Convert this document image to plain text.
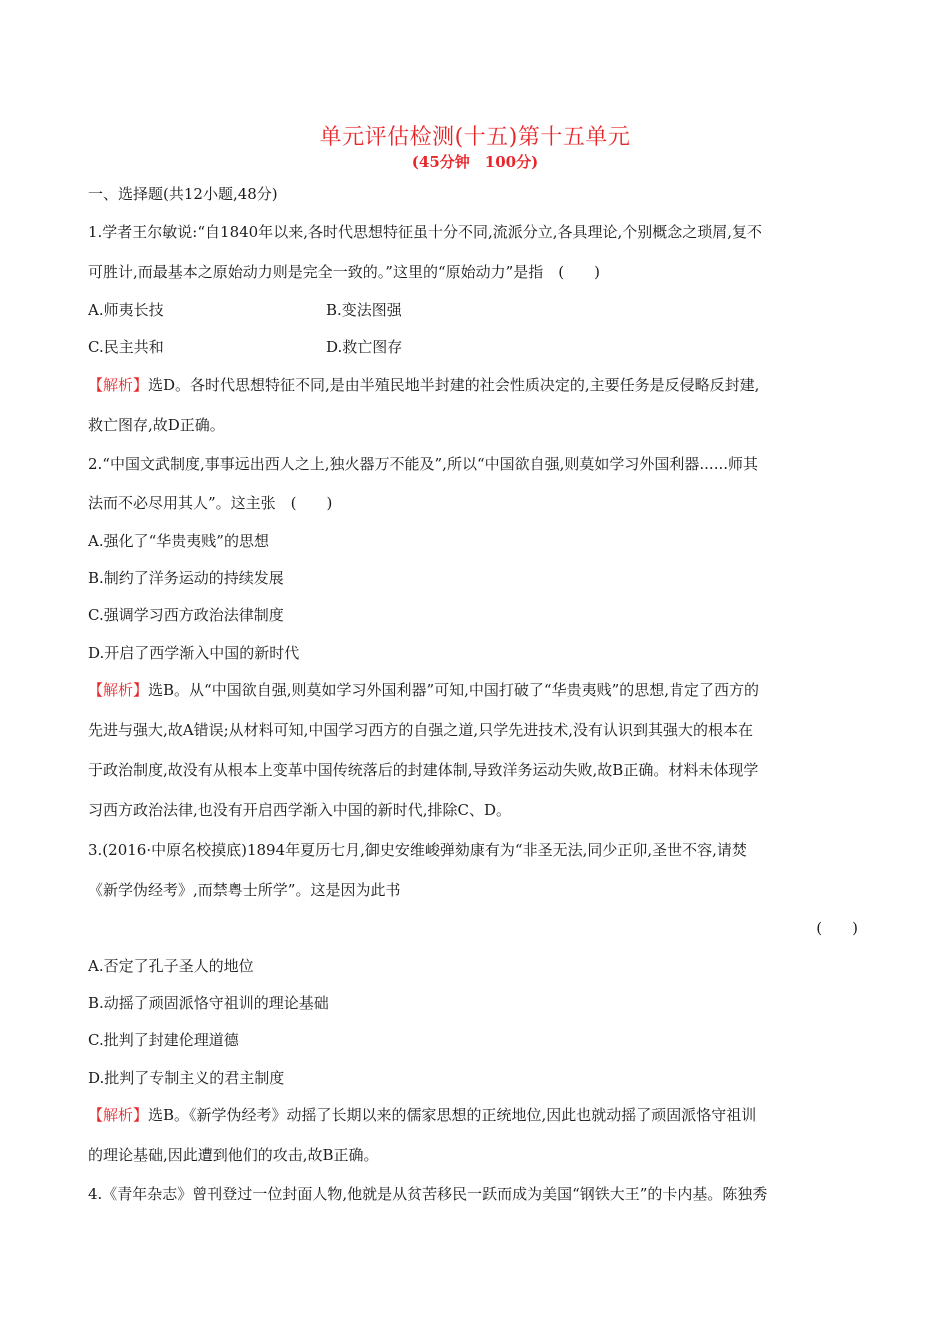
单元评估检测(十五)第十五单元
(45分钟　100分)
一、选择题(共12小题,48分)
1.学者王尔敏说:“自1840年以来,各时代思想特征虽十分不同,流派分立,各具理论,个别概念之琐屑,复不
可胜计,而最基本之原始动力则是完全一致的。”这里的“原始动力”是指　(　　)
A.师夷长技	B.变法图强
C.民主共和	D.救亡图存
【解析】选D。各时代思想特征不同,是由半殖民地半封建的社会性质决定的,主要任务是反侵略反封建,
救亡图存,故D正确。
2.“中国文武制度,事事远出西人之上,独火器万不能及”,所以“中国欲自强,则莫如学习外国利器......师其
法而不必尽用其人”。这主张　(　　)
A.强化了“华贵夷贱”的思想
B.制约了洋务运动的持续发展
C.强调学习西方政治法律制度
D.开启了西学渐入中国的新时代
【解析】选B。从“中国欲自强,则莫如学习外国利器”可知,中国打破了“华贵夷贱”的思想,肯定了西方的
先进与强大,故A错误;从材料可知,中国学习西方的自强之道,只学先进技术,没有认识到其强大的根本在
于政治制度,故没有从根本上变革中国传统落后的封建体制,导致洋务运动失败,故B正确。材料未体现学
习西方政治法律,也没有开启西学渐入中国的新时代,排除C、D。
3.(2016·中原名校摸底)1894年夏历七月,御史安维峻弹劾康有为“非圣无法,同少正卯,圣世不容,请焚
《新学伪经考》,而禁粤士所学”。这是因为此书
(　　)
A.否定了孔子圣人的地位
B.动摇了顽固派恪守祖训的理论基础
C.批判了封建伦理道德
D.批判了专制主义的君主制度
【解析】选B。《新学伪经考》动摇了长期以来的儒家思想的正统地位,因此也就动摇了顽固派恪守祖训
的理论基础,因此遭到他们的攻击,故B正确。
4.《青年杂志》曾刊登过一位封面人物,他就是从贫苦移民一跃而成为美国“钢铁大王”的卡内基。陈独秀
